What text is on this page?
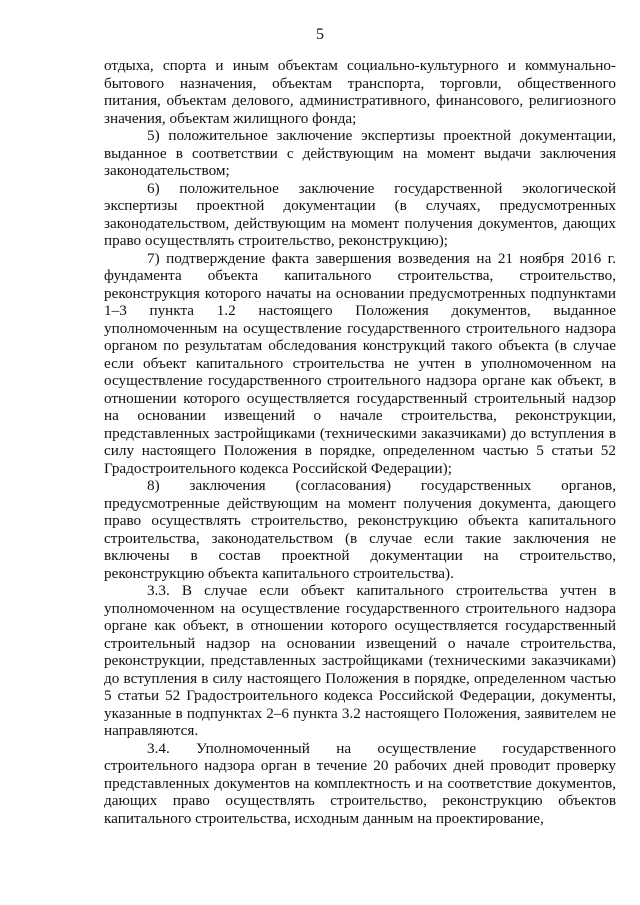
5

отдыха, спорта и иным объектам социально-культурного и коммунально-бытового назначения, объектам транспорта, торговли, общественного питания, объектам делового, административного, финансового, религиозного значения, объектам жилищного фонда;

5) положительное заключение экспертизы проектной документации, выданное в соответствии с действующим на момент выдачи заключения законодательством;

6) положительное заключение государственной экологической экспертизы проектной документации (в случаях, предусмотренных законодательством, действующим на момент получения документов, дающих право осуществлять строительство, реконструкцию);

7) подтверждение факта завершения возведения на 21 ноября 2016 г. фундамента объекта капитального строительства, строительство, реконструкция которого начаты на основании предусмотренных подпунктами 1–3 пункта 1.2 настоящего Положения документов, выданное уполномоченным на осуществление государственного строительного надзора органом по результатам обследования конструкций такого объекта (в случае если объект капитального строительства не учтен в уполномоченном на осуществление государственного строительного надзора органе как объект, в отношении которого осуществляется государственный строительный надзор на основании извещений о начале строительства, реконструкции, представленных застройщиками (техническими заказчиками) до вступления в силу настоящего Положения в порядке, определенном частью 5 статьи 52 Градостроительного кодекса Российской Федерации);

8) заключения (согласования) государственных органов, предусмотренные действующим на момент получения документа, дающего право осуществлять строительство, реконструкцию объекта капитального строительства, законодательством (в случае если такие заключения не включены в состав проектной документации на строительство, реконструкцию объекта капитального строительства).

3.3. В случае если объект капитального строительства учтен в уполномоченном на осуществление государственного строительного надзора органе как объект, в отношении которого осуществляется государственный строительный надзор на основании извещений о начале строительства, реконструкции, представленных застройщиками (техническими заказчиками) до вступления в силу настоящего Положения в порядке, определенном частью 5 статьи 52 Градостроительного кодекса Российской Федерации, документы, указанные в подпунктах 2–6 пункта 3.2 настоящего Положения, заявителем не направляются.

3.4. Уполномоченный на осуществление государственного строительного надзора орган в течение 20 рабочих дней проводит проверку представленных документов на комплектность и на соответствие документов, дающих право осуществлять строительство, реконструкцию объектов капитального строительства, исходным данным на проектирование,
